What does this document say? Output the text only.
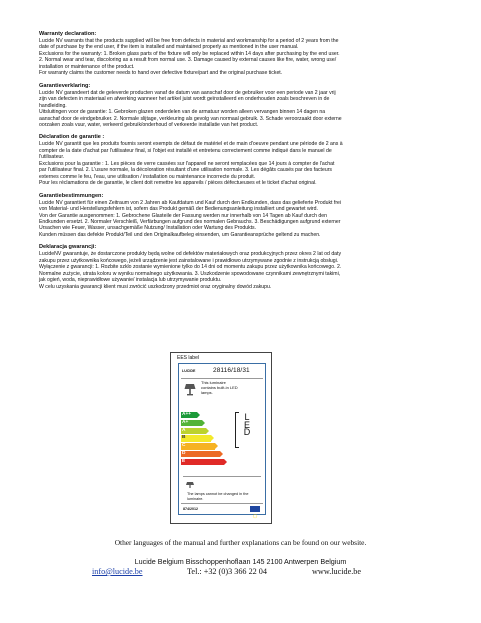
Warranty declaration:
Lucide NV warrants that the products supplied will be free from defects in material and workmanship for a period of 2 years from the
date of purchase by the end user, if the item is installed and maintained properly as mentioned in the user manual.
Exclusions for the warranty: 1. Broken glass parts of the fixture will only be replaced within 14 days after purchasing by the end user.
2. Normal wear and tear, discoloring as a result from normal use. 3. Damage caused by external causes like fire, water, wrong use/
installation or maintenance of the product.
For warranty claims the customer needs to hand over defective fixture/part and the original purchase ticket.
Garantieverklaring:
Lucide NV garandeert dat de geleverde producten vanaf de datum van aanschaf door de gebruiker voor een periode van 2 jaar vrij
zijn van defecten in materiaal en afwerking wanneer het artikel juist wordt geïnstalleerd en onderhouden zoals beschreven in de
handleiding.
Uitsluitingen voor de garantie: 1. Gebroken glazen onderdelen van de armatuur worden alleen vervangen binnen 14 dagen na
aanschaf door de eindgebruiker. 2. Normale slijtage, verkleuring als gevolg van normaal gebruik. 3. Schade veroorzaakt door externe
oorzaken zoals vuur, water, verkeerd gebruik/onderhoud of verkeerde installatie van het product.
Déclaration de garantie :
Lucide NV garantit que les produits fournis seront exempts de défaut de matériel et de main d'oeuvre pendant une période de 2 ans à
compter de la date d'achat par l'utilisateur final, si l'objet est installé et entretenu correctement comme indiqué dans le manuel de
l'utilisateur.
Exclusions pour la garantie : 1. Les pièces de verre cassées sur l'appareil ne seront remplacées que 14 jours à compter de l'achat
par l'utilisateur final. 2. L'usure normale, la décoloration résultant d'une utilisation normale. 3. Les dégâts causés par des facteurs
externes comme le feu, l'eau, une utilisation / installation ou maintenance incorrecte du produit.
Pour les réclamations de de garantie, le client doit remettre les appareils / pièces défectueuses et le ticket d'achat original.
Garantiebestimmungen:
Lucide NV garantiert für einen Zeitraum von 2 Jahren ab Kaufdatum und Kauf durch den Endkunden, dass das gelieferte Produkt frei
von Material- und Herstellungsfehlern ist, sofern das Produkt gemäß der Bedienungsanleitung installiert und gewartet wird.
Von der Garantie ausgenommen: 1. Gebrochene Glasteile der Fassung werden nur innerhalb von 14 Tagen ab Kauf durch den
Endkunden ersetzt. 2. Normaler Verschleiß, Verfärbungen aufgrund des normalen Gebrauchs. 3. Beschädigungen aufgrund externer
Ursachen wie Feuer, Wasser, unsachgemäße Nutzung/ Installation oder Wartung des Produkts.
Kunden müssen das defekte Produkt/Teil und den Originalkaufbeleg einsenden, um Garantieansprüche geltend zu machen.
Deklaracja gwarancji:
LucideNV gwarantuje, że dostarczone produkty będą wolne od defektów materiałowych oraz produkcyjnych przez okres 2 lat od daty
zakupu przez użytkownika końcowego, jeżeli urządzenie jest zainstalowane i prawidłowo utrzymywane zgodnie z instrukcją obsługi.
Wyłączenie z gwarancji: 1. Rozbite szklo zostanie wymienione tylko do 14 dni od momentu zakupu przez użytkownika końcowego. 2.
Normalne zużycie, utrata koloru w wyniku normalnego użytkowania. 3. Uszkodzenie spowodowane czynnikami zewnętrznymi takimi,
jak ogień, woda, nieprawidłowe używanie/ instalacja lub utrzymywanie produktu.
W celu uzyskania gwarancji klient musi zwrócić uszkodzony przedmiot oraz oryginalny dowód zakupu.
EES label
LUCIDE	28116/18/31
This luminaire contains built-in LED lamps.
A++
A+
A
B
C
D
E
L
E
D
The lamps cannot be changed in the luminaire.
874/2012
Other languages of the manual and further explanations can be found on our website.
Lucide Belgium Bisschoppenhoflaan 145 2100 Antwerpen Belgium
info@lucide.be	Tel.: +32 (0)3 366 22 04	www.lucide.be
